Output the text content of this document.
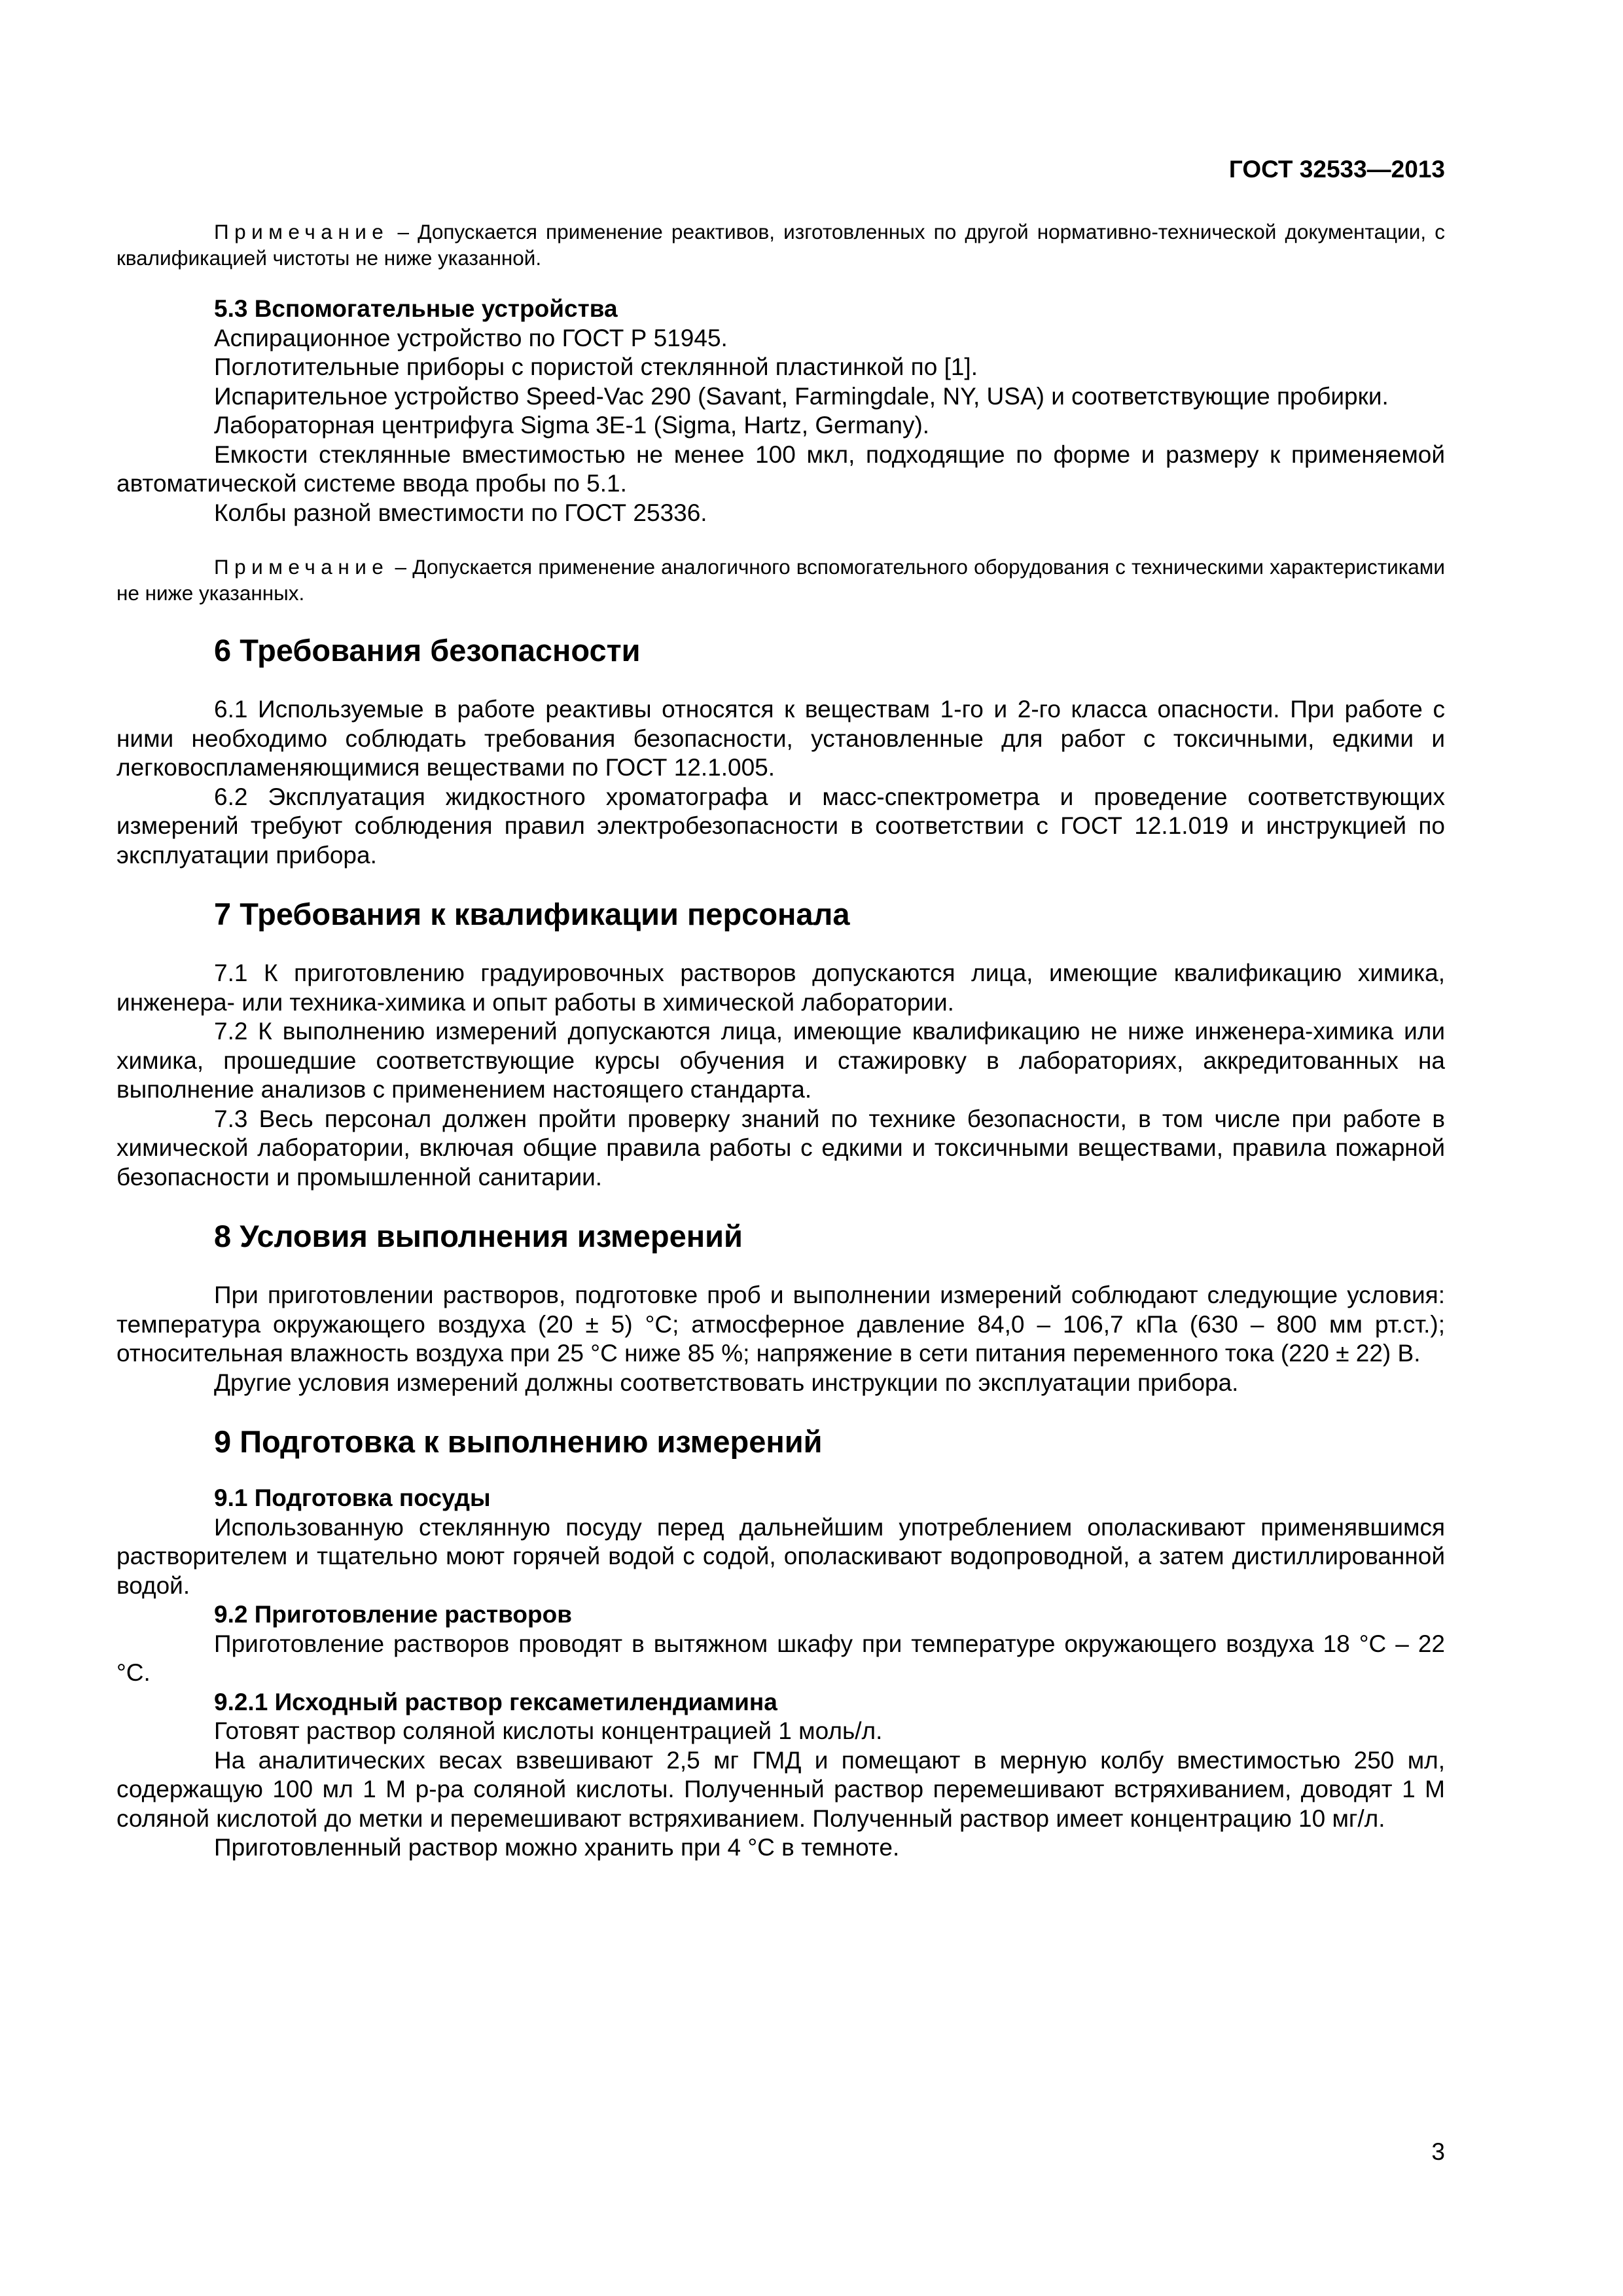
ГОСТ 32533—2013

Примечание – Допускается применение реактивов, изготовленных по другой нормативно-технической документации, с квалификацией чистоты не ниже указанной.

5.3 Вспомогательные устройства

Аспирационное устройство по ГОСТ Р 51945.

Поглотительные приборы с пористой стеклянной пластинкой по [1].

Испарительное устройство Speed-Vac 290 (Savant, Farmingdale, NY, USA) и соответствующие пробирки.

Лабораторная центрифуга Sigma 3E-1 (Sigma, Hartz, Germany).

Емкости стеклянные вместимостью не менее 100 мкл, подходящие по форме и размеру к применяемой автоматической системе ввода пробы по 5.1.

Колбы разной вместимости по ГОСТ 25336.

Примечание – Допускается применение аналогичного вспомогательного оборудования с техническими характеристиками не ниже указанных.

6 Требования безопасности

6.1 Используемые в работе реактивы относятся к веществам 1-го и 2-го класса опасности. При работе с ними необходимо соблюдать требования безопасности, установленные для работ с токсичными, едкими и легковоспламеняющимися веществами по ГОСТ 12.1.005.

6.2 Эксплуатация жидкостного хроматографа и масс-спектрометра и проведение соответствующих измерений требуют соблюдения правил электробезопасности в соответствии с ГОСТ 12.1.019 и инструкцией по эксплуатации прибора.

7 Требования к квалификации персонала

7.1 К приготовлению градуировочных растворов допускаются лица, имеющие квалификацию химика, инженера- или техника-химика и опыт работы в химической лаборатории.

7.2 К выполнению измерений допускаются лица, имеющие квалификацию не ниже инженера-химика или химика, прошедшие соответствующие курсы обучения и стажировку в лабораториях, аккредитованных на выполнение анализов с применением настоящего стандарта.

7.3 Весь персонал должен пройти проверку знаний по технике безопасности, в том числе при работе в химической лаборатории, включая общие правила работы с едкими и токсичными веществами, правила пожарной безопасности и промышленной санитарии.

8 Условия выполнения измерений

При приготовлении растворов, подготовке проб и выполнении измерений соблюдают следующие условия: температура окружающего воздуха (20 ± 5) °С; атмосферное давление 84,0 – 106,7 кПа (630 – 800 мм рт.ст.); относительная влажность воздуха при 25 °С ниже 85 %; напряжение в сети питания переменного тока (220 ± 22) В.

Другие условия измерений должны соответствовать инструкции по эксплуатации прибора.

9 Подготовка к выполнению измерений
9.1 Подготовка посуды

Использованную стеклянную посуду перед дальнейшим употреблением ополаскивают применявшимся растворителем и тщательно моют горячей водой с содой, ополаскивают водопроводной, а затем дистиллированной водой.

9.2 Приготовление растворов

Приготовление растворов проводят в вытяжном шкафу при температуре окружающего воздуха 18 °С – 22 °С.

9.2.1 Исходный раствор гексаметилендиамина

Готовят раствор соляной кислоты концентрацией 1 моль/л.

На аналитических весах взвешивают 2,5 мг ГМД и помещают в мерную колбу вместимостью 250 мл, содержащую 100 мл 1 М р-ра соляной кислоты. Полученный раствор перемешивают встряхиванием, доводят 1 М соляной кислотой до метки и перемешивают встряхиванием. Полученный раствор имеет концентрацию 10 мг/л.

Приготовленный раствор можно хранить при 4 °С в темноте.

3
